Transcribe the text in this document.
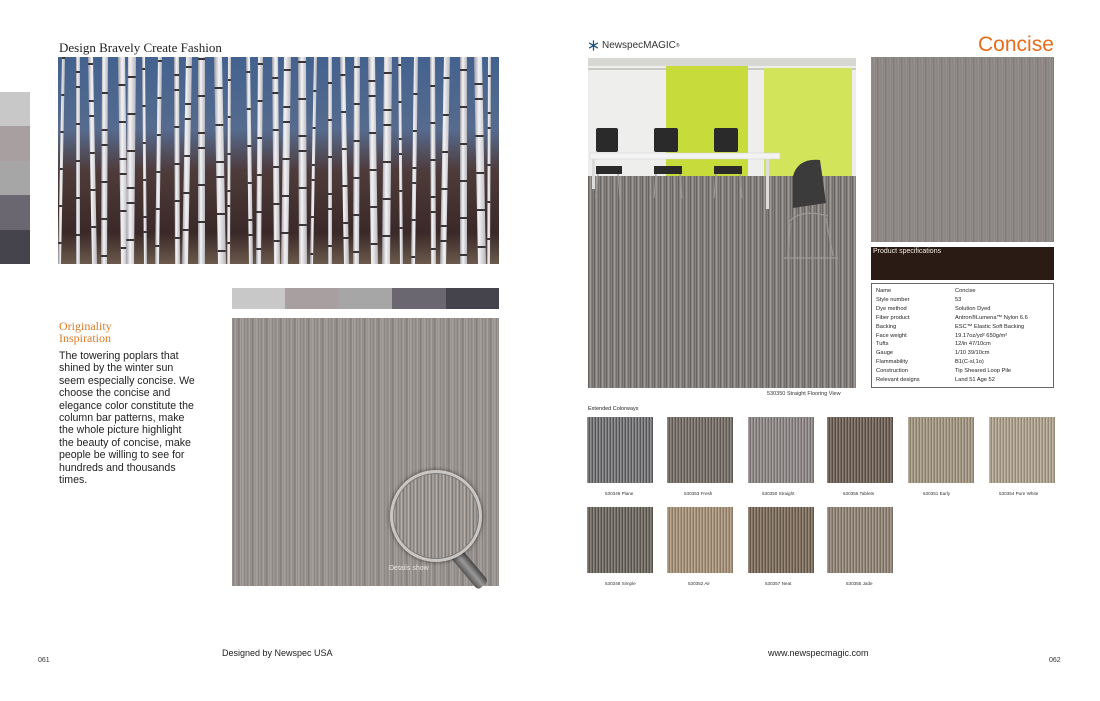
Design Bravely Create Fashion
Originality
Inspiration
The towering poplars that shined by the winter sun seem especially concise. We choose the concise and elegance color constitute the column bar patterns, make the whole picture highlight the beauty of concise, make people be willing to see for hundreds and thousands times.
Details show
Designed by Newspec USA
061
NewspecMAGIC ®	Concise
530350 Straight Flooring View
Product specifications
Name	Concise
Style number	53
Dye method	Solution Dyed
Fiber product	Antron®Lumena™ Nylon 6.6
Backing	ESC™ Elastic Soft Backing
Face weight	19.17oz/yd² 650g/m²
Tufts	12/in 47/10cm
Gauge	1/10 39/10cm
Flammability	B1(C-sl,1o)
Construction	Tip Sheared Loop Pile
Relevant designs	Land 51 Age 52
Extended Colorways
530349 Plane	530353 Fresh	530350 Straight	530356 Tablets	530351 Early	530354 Pure White
530348 Simple	530352 Air	530357 Neat	530355 Jade
www.newspecmagic.com
062
